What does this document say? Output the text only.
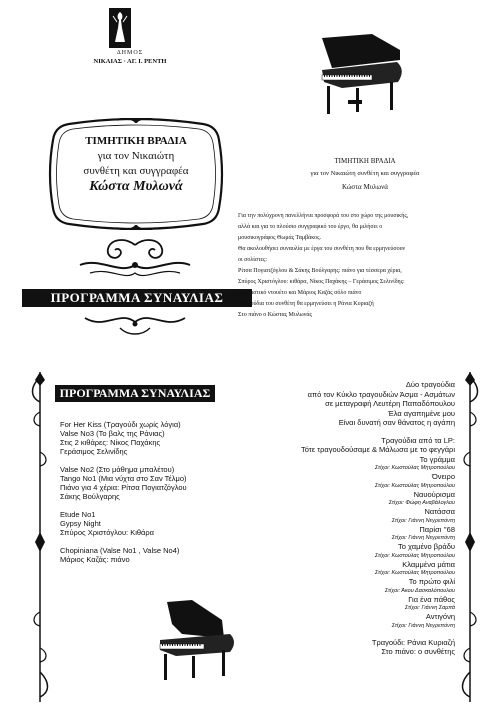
ΔΗΜΟΣ
ΝΙΚΑΙΑΣ · ΑΓ. Ι. ΡΕΝΤΗ
ΤΙΜΗΤΙΚΗ ΒΡΑΔΙΑ
για τον Νικαιώτη
συνθέτη και συγγραφέα
Κώστα Μυλωνά
ΠΡΟΓΡΑΜΜΑ ΣΥΝΑΥΛΙΑΣ
ΤΙΜΗΤΙΚΗ ΒΡΑΔΙΑ
για τον Νικαιώτη συνθέτη και συγγραφέα
Κώστα Μυλωνά

Για την πολύχρονη πανελλήνια προσφορά του στο χώρο της μουσικής,

αλλά και για το πλούσιο συγγραφικό του έργο, θα μιλήσει ο

μουσικογράφος Θωμάς Ταμβάκος.

Θα ακολουθήσει συναυλία με έργα του συνθέτη που θα ερμηνεύσουν

οι σολίστες:

Ρίτσα Πογιατζόγλου & Σάκης Βούλγαρης: πιάνο για τέσσερα χέρια,

Σπύρος Χριστόγλου: κιθάρα, Νίκος Παχάκης – Γεράσιμος Σελινίδης:

κιθαριστικό ντουέτο και Μάριος Καζάς σόλο πιάνο

Τραγούδια του συνθέτη θα ερμηνεύσει η Ράνια Κυριαζή

Στο πιάνο ο Κώστας Μυλωνάς

ΠΡΟΓΡΑΜΜΑ ΣΥΝΑΥΛΙΑΣ
For Her Kiss (Τραγούδι χωρίς λόγια)
Valse No3 (Το βαλς της Ράνιας)
Στις 2 κιθάρες: Νίκος Παχάκης
Γεράσιμος Σελινίδης
Valse No2 (Στο μάθημα μπαλέτου)
Tango No1 (Μια νύχτα στο Σαν Τέλμο)
Πιάνο για 4 χέρια: Ρίτσα Πογιατζόγλου
Σάκης Βούλγαρης
Etude No1
Gypsy Night
Σπύρος Χριστόγλου: Κιθάρα
Chopiniana (Valse No1 , Valse No4)
Μάριος Καζάς: πιάνο
Δύο τραγούδια
από τον Κύκλο τραγουδιών Άσμα - Ασμάτων
σε μεταγραφή Λευτέρη Παπαδόπουλου
Έλα αγαπημένε μου
Είναι δυνατή σαν θάνατος η αγάπη
Τραγούδια από τα LP:
Τότε τραγουδούσαμε & Μάλωσα με το φεγγάρι
Το γράμμα
Στίχοι: Κωστούλας Μητροπούλου
Όνειρο
Στίχοι: Κωστούλας Μητροπούλου
Ναυούρισμα
Στίχοι: Φώφη Αναβάλογλου
Νατάσσα
Στίχοι: Γιάννη Νεγρεπόντη
Παρίσι ’’68
Στίχοι: Γιάννη Νεγρεπόντη
Το χαμένο βράδυ
Στίχοι: Κωστούλας Μητροπούλου
Κλαμμένα μάτια
Στίχοι: Κωστούλας Μητροπούλου
Το πρώτο φιλί
Στίχοι: Άκου Δασκαλόπουλου
Για ένα πάθος
Στίχοι: Γιάννη Σαμπά
Αντιγόνη
Στίχοι: Γιάννη Νεγρεπόντη
Τραγούδι: Ράνια Κυριαζή
Στο πιάνο: ο συνθέτης
